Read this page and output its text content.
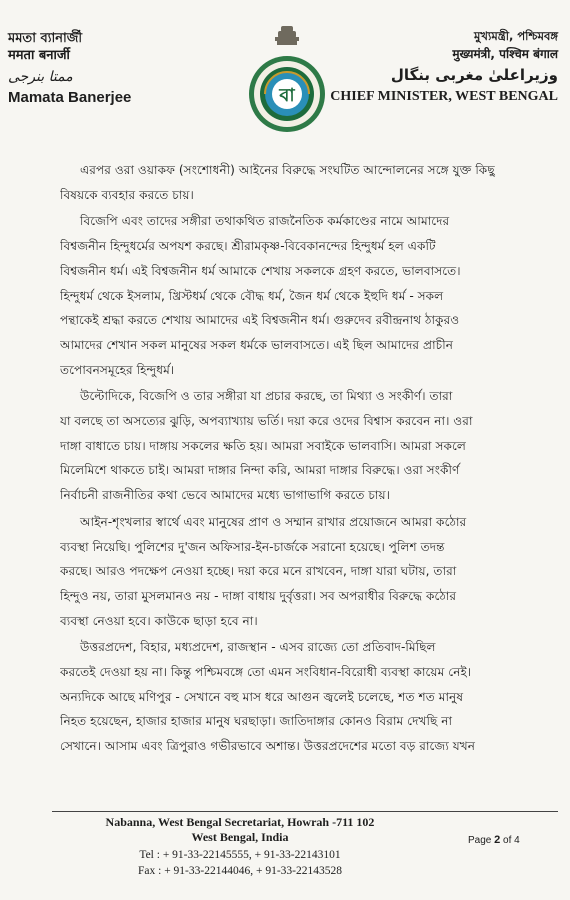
মমতা ব্যানার্জী
ममता बनार्जी
ممتا بنرجی
Mamata Banerjee	বা
মুখ্যমন্ত্রী, পশ্চিমবঙ্গ
मुख्यमंत्री, पश्चिम बंगाल
وزیراعلیٰ مغربی بنگال
CHIEF MINISTER, WEST BENGAL
এরপর ওরা ওয়াকফ (সংশোধনী) আইনের বিরুদ্ধে সংঘটিত আন্দোলনের সঙ্গে যুক্ত কিছু
বিষয়কে ব্যবহার করতে চায়।
বিজেপি এবং তাদের সঙ্গীরা তথাকথিত রাজনৈতিক কর্মকাণ্ডের নামে আমাদের
বিশ্বজনীন হিন্দুধর্মের অপযশ করছে। শ্রীরামকৃষ্ণ-বিবেকানন্দের হিন্দুধর্ম হল একটি
বিশ্বজনীন ধর্ম। এই বিশ্বজনীন ধর্ম আমাকে শেখায় সকলকে গ্রহণ করতে, ভালবাসতে।
হিন্দুধর্ম থেকে ইসলাম, খ্রিস্টধর্ম থেকে বৌদ্ধ ধর্ম, জৈন ধর্ম থেকে ইহুদি ধর্ম - সকল
পন্থাকেই শ্রদ্ধা করতে শেখায় আমাদের এই বিশ্বজনীন ধর্ম। গুরুদেব রবীন্দ্রনাথ ঠাকুরও
আমাদের শেখান সকল মানুষের সকল ধর্মকে ভালবাসতে। এই ছিল আমাদের প্রাচীন
তপোবনসমূহের হিন্দুধর্ম।
উল্টোদিকে, বিজেপি ও তার সঙ্গীরা যা প্রচার করছে, তা মিথ্যা ও সংকীর্ণ। তারা
যা বলছে তা অসত্যের ঝুড়ি, অপব্যাখ্যায় ভর্তি। দয়া করে ওদের বিশ্বাস করবেন না। ওরা
দাঙ্গা বাধাতে চায়। দাঙ্গায় সকলের ক্ষতি হয়। আমরা সবাইকে ভালবাসি। আমরা সকলে
মিলেমিশে থাকতে চাই। আমরা দাঙ্গার নিন্দা করি, আমরা দাঙ্গার বিরুদ্ধে। ওরা সংকীর্ণ
নির্বাচনী রাজনীতির কথা ভেবে আমাদের মধ্যে ভাগাভাগি করতে চায়।
আইন-শৃংখলার স্বার্থে এবং মানুষের প্রাণ ও সম্মান রাখার প্রয়োজনে আমরা কঠোর
ব্যবস্থা নিয়েছি। পুলিশের দু'জন অফিসার-ইন-চার্জকে সরানো হয়েছে। পুলিশ তদন্ত
করছে। আরও পদক্ষেপ নেওয়া হচ্ছে। দয়া করে মনে রাখবেন, দাঙ্গা যারা ঘটায়, তারা
হিন্দুও নয়, তারা মুসলমানও নয় - দাঙ্গা বাধায় দুর্বৃত্তরা। সব অপরাধীর বিরুদ্ধে কঠোর
ব্যবস্থা নেওয়া হবে। কাউকে ছাড়া হবে না।
উত্তরপ্রদেশ, বিহার, মধ্যপ্রদেশ, রাজস্থান - এসব রাজ্যে তো প্রতিবাদ-মিছিল
করতেই দেওয়া হয় না। কিন্তু পশ্চিমবঙ্গে তো এমন সংবিধান-বিরোধী ব্যবস্থা কায়েম নেই।
অন্যদিকে আছে মণিপুর - সেখানে বহু মাস ধরে আগুন জ্বলেই চলেছে, শত শত মানুষ
নিহত হয়েছেন, হাজার হাজার মানুষ ঘরছাড়া। জাতিদাঙ্গার কোনও বিরাম দেখছি না
সেখানে। আসাম এবং ত্রিপুরাও গভীরভাবে অশান্ত। উত্তরপ্রদেশের মতো বড় রাজ্যে যখন
Nabanna, West Bengal Secretariat, Howrah -711 102
West Bengal, India
Tel : + 91-33-22145555, + 91-33-22143101
Fax : + 91-33-22144046, + 91-33-22143528
Page 2 of 4
